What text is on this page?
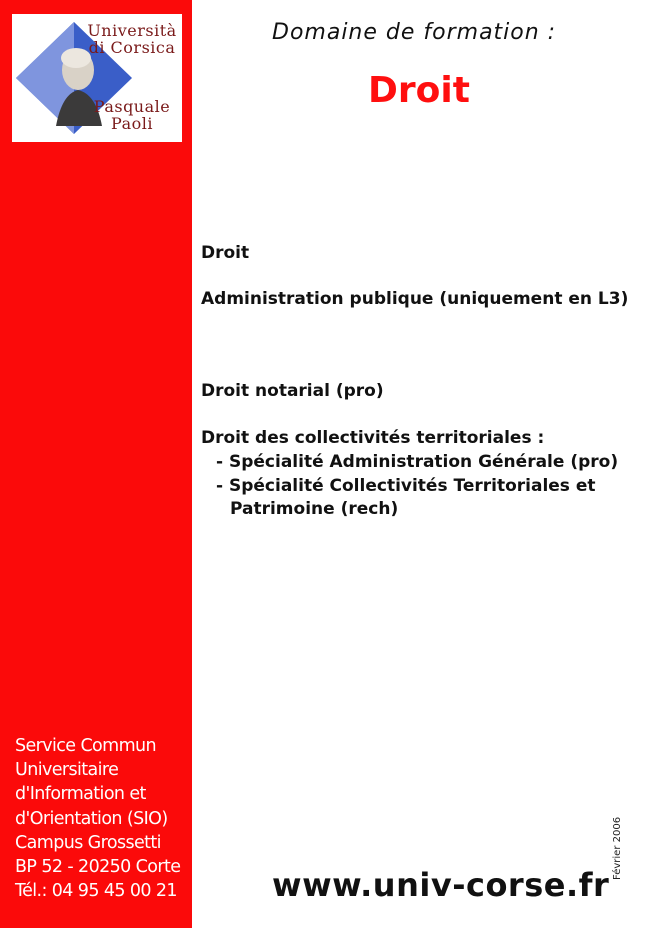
Università
di Corsica
Pasquale
Paoli
Service Commun
Universitaire
d'Information et
d'Orientation (SIO)
Campus Grossetti
BP 52 - 20250 Corte
Tél.: 04 95 45 00 21
Domaine de formation :
Droit
Droit
Administration publique (uniquement en L3)
Droit notarial (pro)
Droit des collectivités territoriales :
- Spécialité Administration Générale (pro)
- Spécialité Collectivités Territoriales et
Patrimoine (rech)
Février 2006
www.univ-corse.fr
